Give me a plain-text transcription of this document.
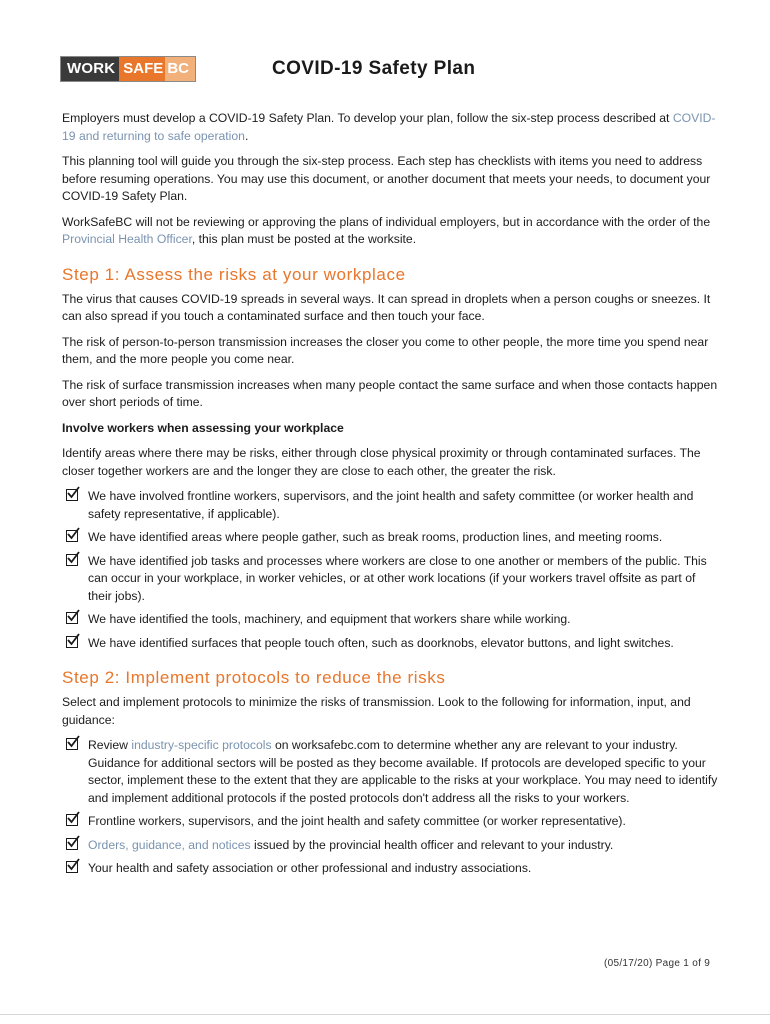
WORK SAFE BC	COVID-19 Safety Plan

Employers must develop a COVID-19 Safety Plan. To develop your plan, follow the six-step process described at COVID-19 and returning to safe operation.

This planning tool will guide you through the six-step process. Each step has checklists with items you need to address before resuming operations. You may use this document, or another document that meets your needs, to document your COVID-19 Safety Plan.

WorkSafeBC will not be reviewing or approving the plans of individual employers, but in accordance with the order of the Provincial Health Officer, this plan must be posted at the worksite.

Step 1: Assess the risks at your workplace

The virus that causes COVID-19 spreads in several ways. It can spread in droplets when a person coughs or sneezes. It can also spread if you touch a contaminated surface and then touch your face.

The risk of person-to-person transmission increases the closer you come to other people, the more time you spend near them, and the more people you come near.

The risk of surface transmission increases when many people contact the same surface and when those contacts happen over short periods of time.

Involve workers when assessing your workplace

Identify areas where there may be risks, either through close physical proximity or through contaminated surfaces. The closer together workers are and the longer they are close to each other, the greater the risk.

We have involved frontline workers, supervisors, and the joint health and safety committee (or worker health and safety representative, if applicable).
We have identified areas where people gather, such as break rooms, production lines, and meeting rooms.
We have identified job tasks and processes where workers are close to one another or members of the public. This can occur in your workplace, in worker vehicles, or at other work locations (if your workers travel offsite as part of their jobs).
We have identified the tools, machinery, and equipment that workers share while working.
We have identified surfaces that people touch often, such as doorknobs, elevator buttons, and light switches.
Step 2: Implement protocols to reduce the risks

Select and implement protocols to minimize the risks of transmission. Look to the following for information, input, and guidance:

Review industry-specific protocols on worksafebc.com to determine whether any are relevant to your industry. Guidance for additional sectors will be posted as they become available. If protocols are developed specific to your sector, implement these to the extent that they are applicable to the risks at your workplace. You may need to identify and implement additional protocols if the posted protocols don't address all the risks to your workers.
Frontline workers, supervisors, and the joint health and safety committee (or worker representative).
Orders, guidance, and notices issued by the provincial health officer and relevant to your industry.
Your health and safety association or other professional and industry associations.
(05/17/20) Page 1 of 9
